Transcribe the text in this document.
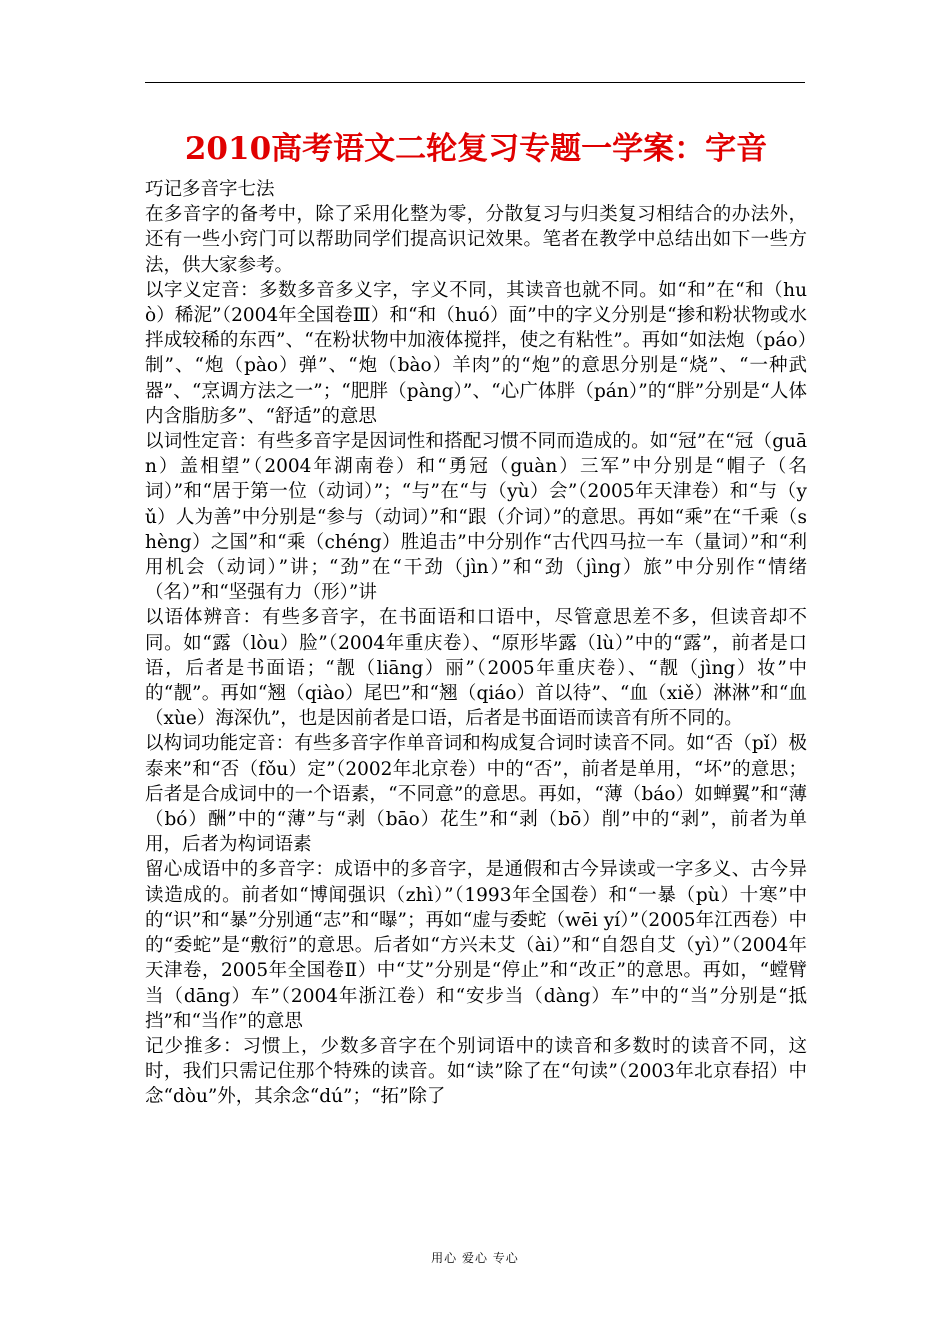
2010高考语文二轮复习专题一学案：字音

巧记多音字七法

在多音字的备考中，除了采用化整为零，分散复习与归类复习相结合的办法外，还有一些小窍门可以帮助同学们提高识记效果。笔者在教学中总结出如下一些方法，供大家参考。

以字义定音：多数多音多义字，字义不同，其读音也就不同。如“和”在“和（huò）稀泥”（2004年全国卷Ⅲ）和“和（huó）面”中的字义分别是“掺和粉状物或水拌成较稀的东西”、“在粉状物中加液体搅拌，使之有粘性”。再如“如法炮（páo）制”、“炮（pào）弹”、“炮（bào）羊肉”的“炮”的意思分别是“烧”、“一种武器”、“烹调方法之一”；“肥胖（pàng）”、“心广体胖（pán）”的“胖”分别是“人体内含脂肪多”、“舒适”的意思

以词性定音：有些多音字是因词性和搭配习惯不同而造成的。如“冠”在“冠（guān）盖相望”（2004年湖南卷）和“勇冠（guàn）三军”中分别是“帽子（名词）”和“居于第一位（动词）”；“与”在“与（yù）会”（2005年天津卷）和“与（yǔ）人为善”中分别是“参与（动词）”和“跟（介词）”的意思。再如“乘”在“千乘（shèng）之国”和“乘（chéng）胜追击”中分别作“古代四马拉一车（量词）”和“利用机会（动词）”讲；“劲”在“干劲（jìn）”和“劲（jìng）旅”中分别作“情绪（名）”和“坚强有力（形）”讲

以语体辨音：有些多音字，在书面语和口语中，尽管意思差不多，但读音却不同。如“露（lòu）脸”（2004年重庆卷）、“原形毕露（lù）”中的“露”，前者是口语，后者是书面语；“靓（liāng）丽”（2005年重庆卷）、“靓（jìng）妆”中的“靓”。再如“翘（qiào）尾巴”和“翘（qiáo）首以待”、“血（xiě）淋淋”和“血（xùe）海深仇”，也是因前者是口语，后者是书面语而读音有所不同的。

以构词功能定音：有些多音字作单音词和构成复合词时读音不同。如“否（pǐ）极泰来”和“否（fǒu）定”（2002年北京卷）中的“否”，前者是单用，“坏”的意思；后者是合成词中的一个语素，“不同意”的意思。再如，“薄（báo）如蝉翼”和“薄（bó）酬”中的“薄”与“剥（bāo）花生”和“剥（bō）削”中的“剥”，前者为单用，后者为构词语素

留心成语中的多音字：成语中的多音字，是通假和古今异读或一字多义、古今异读造成的。前者如“博闻强识（zhì）”（1993年全国卷）和“一暴（pù）十寒”中的“识”和“暴”分别通“志”和“曝”；再如“虚与委蛇（wēi yí）”（2005年江西卷）中的“委蛇”是“敷衍”的意思。后者如“方兴未艾（ài）”和“自怨自艾（yì）”（2004年天津卷，2005年全国卷Ⅱ）中“艾”分别是“停止”和“改正”的意思。再如，“螳臂当（dāng）车”（2004年浙江卷）和“安步当（dàng）车”中的“当”分别是“抵挡”和“当作”的意思

记少推多：习惯上，少数多音字在个别词语中的读音和多数时的读音不同，这时，我们只需记住那个特殊的读音。如“读”除了在“句读”（2003年北京春招）中念“dòu”外，其余念“dú”；“拓”除了

用心 爱心 专心
